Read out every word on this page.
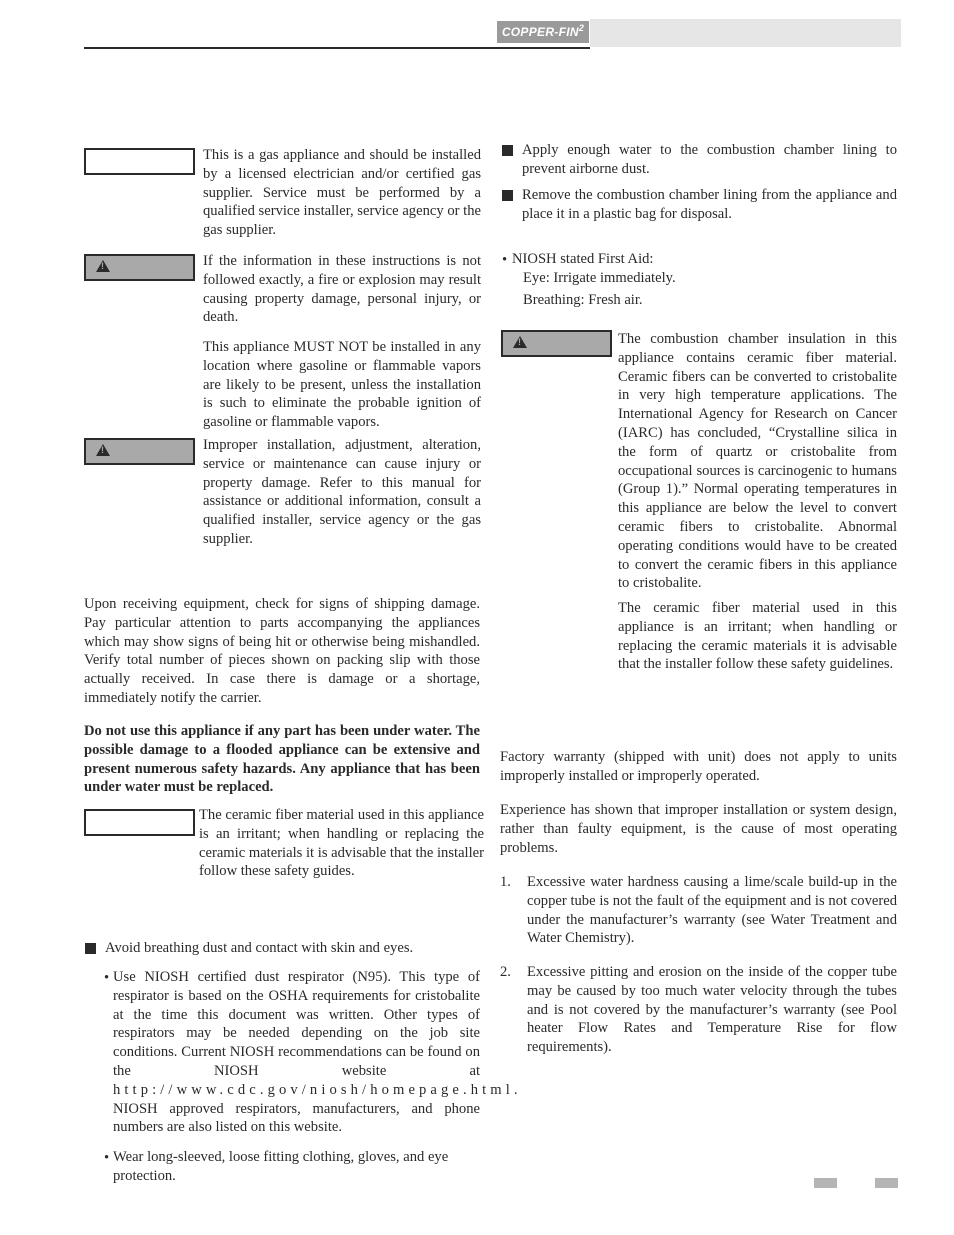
COPPER-FIN$^2$
This is a gas appliance and should be installed by a licensed electrician and/or certified gas supplier. Service must be performed by a qualified service installer, service agency or the gas supplier.
!
If the information in these instructions is not followed exactly, a fire or explosion may result causing property damage, personal injury, or death.
This appliance MUST NOT be installed in any location where gasoline or flammable vapors are likely to be present, unless the installation is such to eliminate the probable ignition of gasoline or flammable vapors.
!
Improper installation, adjustment, alteration, service or maintenance can cause injury or property damage. Refer to this manual for assistance or additional information, consult a qualified installer, service agency or the gas supplier.
Upon receiving equipment, check for signs of shipping damage. Pay particular attention to parts accompanying the appliances which may show signs of being hit or otherwise being mishandled. Verify total number of pieces shown on packing slip with those actually received. In case there is damage or a shortage, immediately notify the carrier.
Do not use this appliance if any part has been under water. The possible damage to a flooded appliance can be extensive and present numerous safety hazards. Any appliance that has been under water must be replaced.
The ceramic fiber material used in this appliance is an irritant; when handling or replacing the ceramic materials it is advisable that the installer follow these safety guides.
Avoid breathing dust and contact with skin and eyes.
• Use NIOSH certified dust respirator (N95). This type of respirator is based on the OSHA requirements for cristobalite at the time this document was written. Other types of respirators may be needed depending on the job site conditions. Current NIOSH recommendations can be found on the NIOSH website at http://www.cdc.gov/niosh/homepage.html. NIOSH approved respirators, manufacturers, and phone numbers are also listed on this website.
• Wear long-sleeved, loose fitting clothing, gloves, and eye protection.
Apply enough water to the combustion chamber lining to prevent airborne dust.
Remove the combustion chamber lining from the appliance and place it in a plastic bag for disposal.
• NIOSH stated First Aid:
Eye: Irrigate immediately.
Breathing: Fresh air.
!
The combustion chamber insulation in this appliance contains ceramic fiber material. Ceramic fibers can be converted to cristobalite in very high temperature applications. The International Agency for Research on Cancer (IARC) has concluded, “Crystalline silica in the form of quartz or cristobalite from occupational sources is carcinogenic to humans (Group 1).” Normal operating temperatures in this appliance are below the level to convert ceramic fibers to cristobalite. Abnormal operating conditions would have to be created to convert the ceramic fibers in this appliance to cristobalite.
The ceramic fiber material used in this appliance is an irritant; when handling or replacing the ceramic materials it is advisable that the installer follow these safety guidelines.
Factory warranty (shipped with unit) does not apply to units improperly installed or improperly operated.
Experience has shown that improper installation or system design, rather than faulty equipment, is the cause of most operating problems.
1. Excessive water hardness causing a lime/scale build-up in the copper tube is not the fault of the equipment and is not covered under the manufacturer’s warranty (see Water Treatment and Water Chemistry).
2. Excessive pitting and erosion on the inside of the copper tube may be caused by too much water velocity through the tubes and is not covered by the manufacturer’s warranty (see Pool heater Flow Rates and Temperature Rise for flow requirements).
